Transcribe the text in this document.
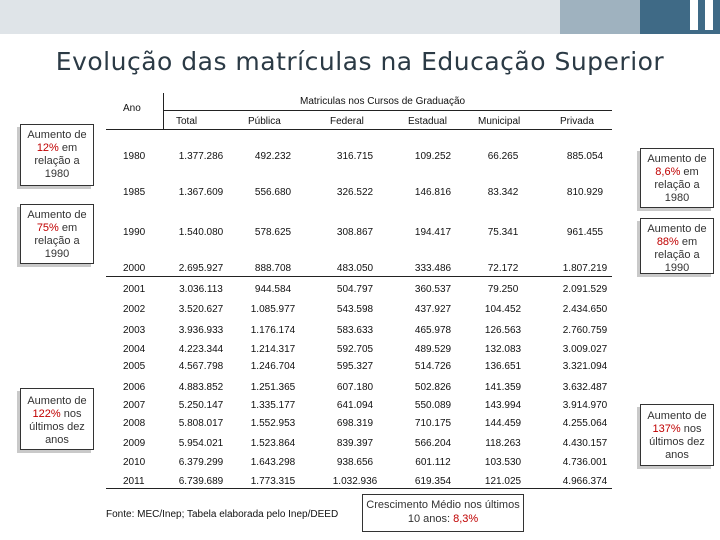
Evolução das matrículas na Educação Superior
Ano
Matriculas nos Cursos de Graduação
Total	Pública	Federal	Estadual	Municipal	Privada
1980	1.377.286	492.232	316.715	109.252	66.265	885.054
1985	1.367.609	556.680	326.522	146.816	83.342	810.929
1990	1.540.080	578.625	308.867	194.417	75.341	961.455
2000	2.695.927	888.708	483.050	333.486	72.172	1.807.219
2001	3.036.113	944.584	504.797	360.537	79.250	2.091.529
2002	3.520.627	1.085.977	543.598	437.927	104.452	2.434.650
2003	3.936.933	1.176.174	583.633	465.978	126.563	2.760.759
2004	4.223.344	1.214.317	592.705	489.529	132.083	3.009.027
2005	4.567.798	1.246.704	595.327	514.726	136.651	3.321.094
2006	4.883.852	1.251.365	607.180	502.826	141.359	3.632.487
2007	5.250.147	1.335.177	641.094	550.089	143.994	3.914.970
2008	5.808.017	1.552.953	698.319	710.175	144.459	4.255.064
2009	5.954.021	1.523.864	839.397	566.204	118.263	4.430.157
2010	6.379.299	1.643.298	938.656	601.112	103.530	4.736.001
2011	6.739.689	1.773.315	1.032.936	619.354	121.025	4.966.374
Aumento de 12% em relação a 1980
Aumento de 75% em relação a 1990
Aumento de 122% nos últimos dez anos
Aumento de 8,6% em relação a 1980
Aumento de 88% em relação a 1990
Aumento de 137% nos últimos dez anos
Fonte: MEC/Inep; Tabela elaborada pelo Inep/DEED
Crescimento Médio nos últimos 10 anos: 8,3%
